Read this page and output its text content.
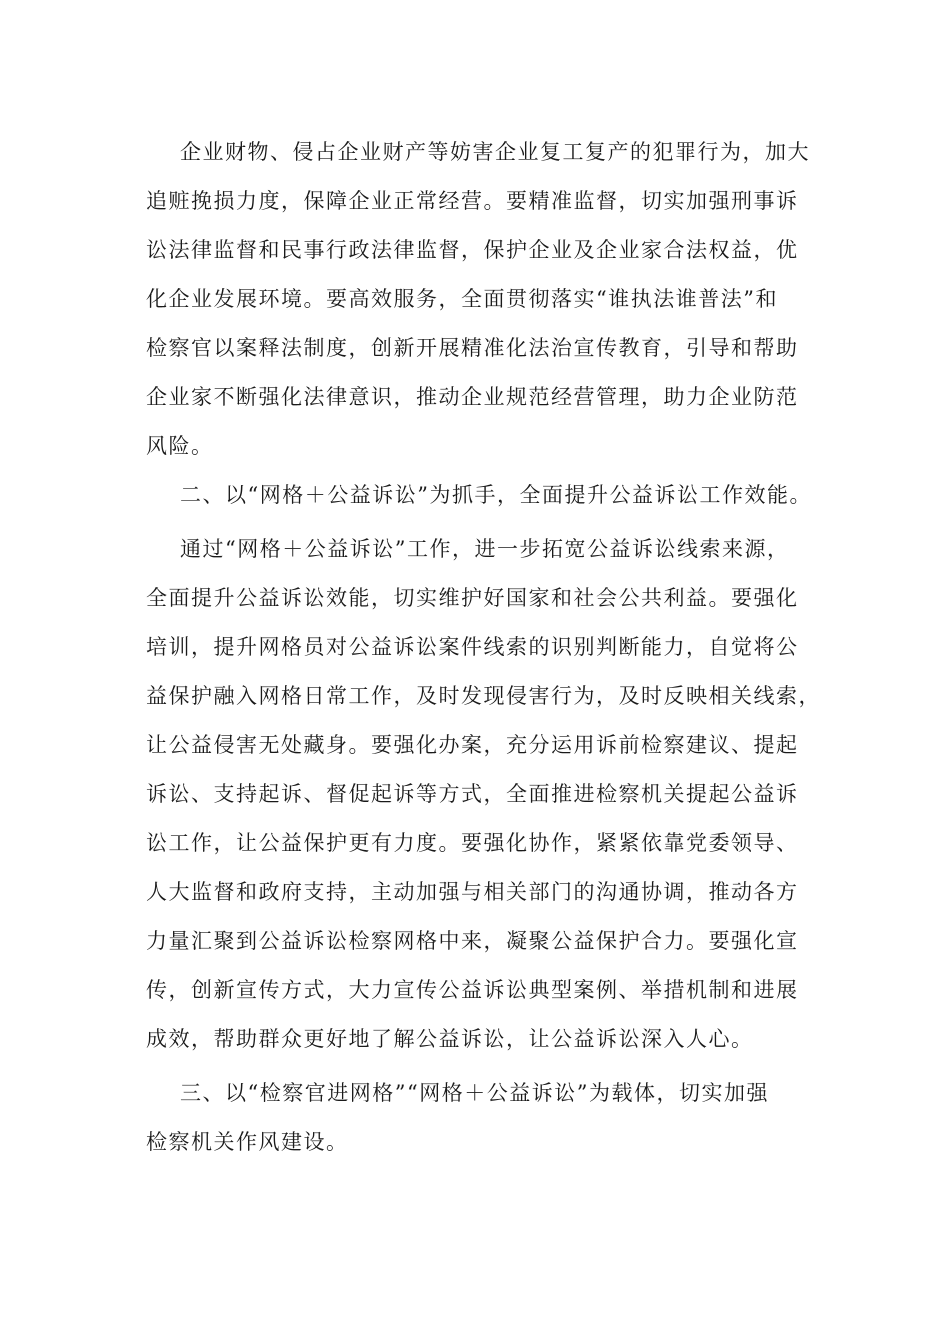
企业财物、侵占企业财产等妨害企业复工复产的犯罪行为，加大

追赃挽损力度，保障企业正常经营。要精准监督，切实加强刑事诉

讼法律监督和民事行政法律监督，保护企业及企业家合法权益，优

化企业发展环境。要高效服务，全面贯彻落实“谁执法谁普法”和

检察官以案释法制度，创新开展精准化法治宣传教育，引导和帮助

企业家不断强化法律意识，推动企业规范经营管理，助力企业防范

风险。

二、以“网格＋公益诉讼”为抓手，全面提升公益诉讼工作效能。

通过“网格＋公益诉讼”工作，进一步拓宽公益诉讼线索来源，

全面提升公益诉讼效能，切实维护好国家和社会公共利益。要强化

培训，提升网格员对公益诉讼案件线索的识别判断能力，自觉将公

益保护融入网格日常工作，及时发现侵害行为，及时反映相关线索，

让公益侵害无处藏身。要强化办案，充分运用诉前检察建议、提起

诉讼、支持起诉、督促起诉等方式，全面推进检察机关提起公益诉

讼工作，让公益保护更有力度。要强化协作，紧紧依靠党委领导、

人大监督和政府支持，主动加强与相关部门的沟通协调，推动各方

力量汇聚到公益诉讼检察网格中来，凝聚公益保护合力。要强化宣

传，创新宣传方式，大力宣传公益诉讼典型案例、举措机制和进展

成效，帮助群众更好地了解公益诉讼，让公益诉讼深入人心。

三、以“检察官进网格”“网格＋公益诉讼”为载体，切实加强

检察机关作风建设。
